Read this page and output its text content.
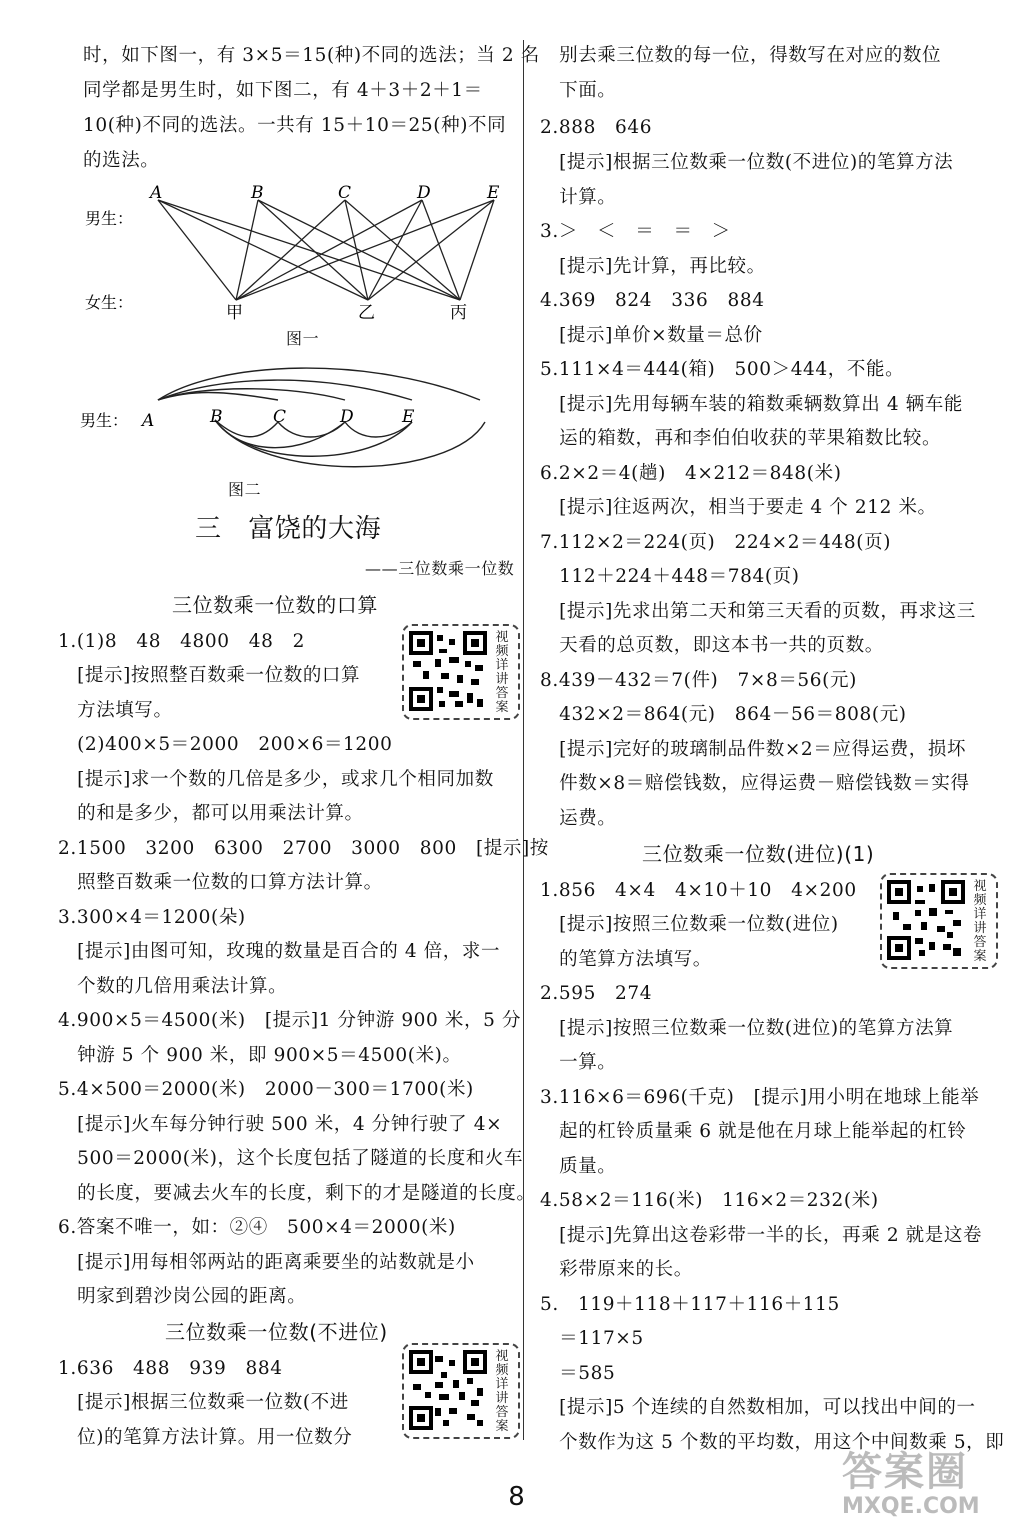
时，如下图一，有 3×5＝15(种)不同的选法；当 2 名
同学都是男生时，如下图二，有 4＋3＋2＋1＝
10(种)不同的选法。一共有 15＋10＝25(种)不同
的选法。
男生：
女生：
A	B	C	D	E
甲	乙	丙
图一
男生： A	B	C	D	E
图二
三　富饶的大海
——三位数乘一位数
三位数乘一位数的口算
1.(1)8　48　4800　48　2
　[提示]按照整百数乘一位数的口算
　方法填写。
　(2)400×5＝2000　200×6＝1200
　[提示]求一个数的几倍是多少，或求几个相同加数
　的和是多少，都可以用乘法计算。
2.1500　3200　6300　2700　3000　800　[提示]按
　照整百数乘一位数的口算方法计算。
3.300×4＝1200(朵)
　[提示]由图可知，玫瑰的数量是百合的 4 倍，求一
　个数的几倍用乘法计算。
4.900×5＝4500(米)　[提示]1 分钟游 900 米，5 分
　钟游 5 个 900 米，即 900×5＝4500(米)。
5.4×500＝2000(米)　2000－300＝1700(米)
　[提示]火车每分钟行驶 500 米，4 分钟行驶了 4×
　500＝2000(米)，这个长度包括了隧道的长度和火车
　的长度，要减去火车的长度，剩下的才是隧道的长度。
6.答案不唯一，如：②④　500×4＝2000(米)
　[提示]用每相邻两站的距离乘要坐的站数就是小
　明家到碧沙岗公园的距离。
三位数乘一位数(不进位)
1.636　488　939　884
　[提示]根据三位数乘一位数(不进
　位)的笔算方法计算。用一位数分
视频详讲答案
视频详讲答案
视频详讲答案
　别去乘三位数的每一位，得数写在对应的数位
　下面。
2.888　646
　[提示]根据三位数乘一位数(不进位)的笔算方法
　计算。
3.＞　＜　＝　＝　＞
　[提示]先计算，再比较。
4.369　824　336　884
　[提示]单价×数量＝总价
5.111×4＝444(箱)　500＞444，不能。
　[提示]先用每辆车装的箱数乘辆数算出 4 辆车能
　运的箱数，再和李伯伯收获的苹果箱数比较。
6.2×2＝4(趟)　4×212＝848(米)
　[提示]往返两次，相当于要走 4 个 212 米。
7.112×2＝224(页)　224×2＝448(页)
　112＋224＋448＝784(页)
　[提示]先求出第二天和第三天看的页数，再求这三
　天看的总页数，即这本书一共的页数。
8.439－432＝7(件)　7×8＝56(元)
　432×2＝864(元)　864－56＝808(元)
　[提示]完好的玻璃制品件数×2＝应得运费，损坏
　件数×8＝赔偿钱数，应得运费－赔偿钱数＝实得
　运费。
三位数乘一位数(进位)(1)
1.856　4×4　4×10＋10　4×200
　[提示]按照三位数乘一位数(进位)
　的笔算方法填写。
2.595　274
　[提示]按照三位数乘一位数(进位)的笔算方法算
　一算。
3.116×6＝696(千克)　[提示]用小明在地球上能举
　起的杠铃质量乘 6 就是他在月球上能举起的杠铃
　质量。
4.58×2＝116(米)　116×2＝232(米)
　[提示]先算出这卷彩带一半的长，再乘 2 就是这卷
　彩带原来的长。
5.　119＋118＋117＋116＋115
　＝117×5
　＝585
　[提示]5 个连续的自然数相加，可以找出中间的一
　个数作为这 5 个数的平均数，用这个中间数乘 5，即
8
答案圈
MXQE.COM
